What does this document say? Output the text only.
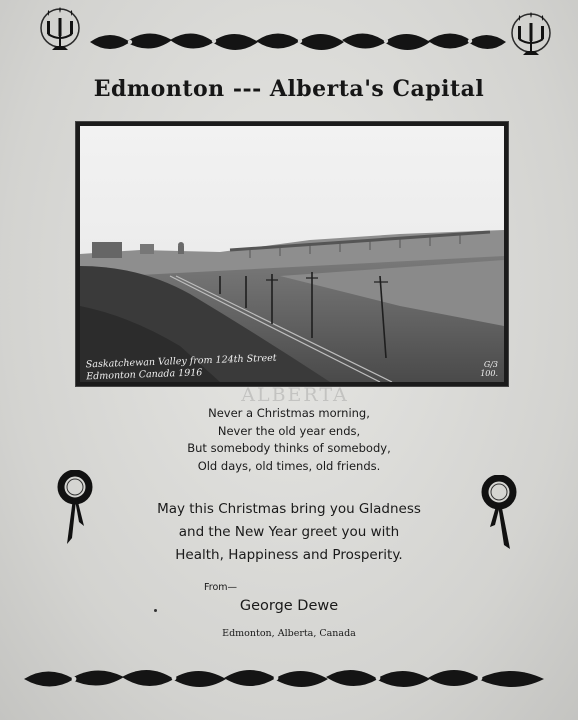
Edmonton --- Alberta's Capital
Saskatchewan Valley from 124th Street
Edmonton Canada 1916
G/3
100.
ALBERTA
Never a Christmas morning,
Never the old year ends,
But somebody thinks of somebody,
Old days, old times, old friends.
May this Christmas bring you Gladness
and the New Year greet you with
Health, Happiness and Prosperity.
From—
George Dewe
Edmonton, Alberta, Canada
